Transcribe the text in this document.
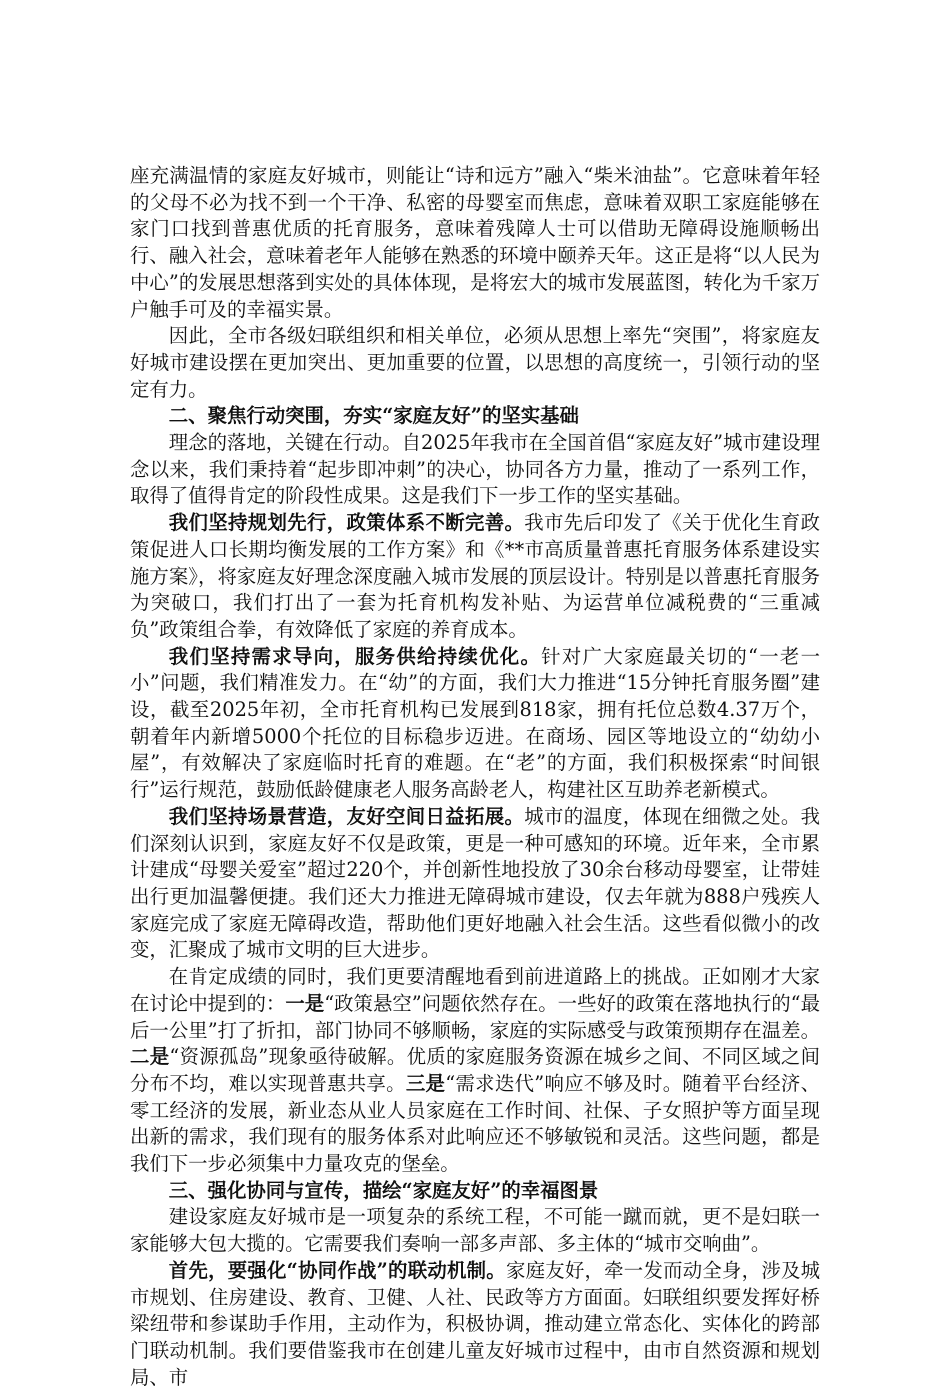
座充满温情的家庭友好城市，则能让“诗和远方”融入“柴米油盐”。它意味着年轻的父母不必为找不到一个干净、私密的母婴室而焦虑，意味着双职工家庭能够在家门口找到普惠优质的托育服务，意味着残障人士可以借助无障碍设施顺畅出行、融入社会，意味着老年人能够在熟悉的环境中颐养天年。这正是将“以人民为中心”的发展思想落到实处的具体体现，是将宏大的城市发展蓝图，转化为千家万户触手可及的幸福实景。

因此，全市各级妇联组织和相关单位，必须从思想上率先“突围”，将家庭友好城市建设摆在更加突出、更加重要的位置，以思想的高度统一，引领行动的坚定有力。

二、聚焦行动突围，夯实“家庭友好”的坚实基础

理念的落地，关键在行动。自2025年我市在全国首倡“家庭友好”城市建设理念以来，我们秉持着“起步即冲刺”的决心，协同各方力量，推动了一系列工作，取得了值得肯定的阶段性成果。这是我们下一步工作的坚实基础。

我们坚持规划先行，政策体系不断完善。我市先后印发了《关于优化生育政策促进人口长期均衡发展的工作方案》和《**市高质量普惠托育服务体系建设实施方案》，将家庭友好理念深度融入城市发展的顶层设计。特别是以普惠托育服务为突破口，我们打出了一套为托育机构发补贴、为运营单位减税费的“三重减负”政策组合拳，有效降低了家庭的养育成本。

我们坚持需求导向，服务供给持续优化。针对广大家庭最关切的“一老一小”问题，我们精准发力。在“幼”的方面，我们大力推进“15分钟托育服务圈”建设，截至2025年初，全市托育机构已发展到818家，拥有托位总数4.37万个，朝着年内新增5000个托位的目标稳步迈进。在商场、园区等地设立的“幼幼小屋”，有效解决了家庭临时托育的难题。在“老”的方面，我们积极探索“时间银行”运行规范，鼓励低龄健康老人服务高龄老人，构建社区互助养老新模式。

我们坚持场景营造，友好空间日益拓展。城市的温度，体现在细微之处。我们深刻认识到，家庭友好不仅是政策，更是一种可感知的环境。近年来，全市累计建成“母婴关爱室”超过220个，并创新性地投放了30余台移动母婴室，让带娃出行更加温馨便捷。我们还大力推进无障碍城市建设，仅去年就为888户残疾人家庭完成了家庭无障碍改造，帮助他们更好地融入社会生活。这些看似微小的改变，汇聚成了城市文明的巨大进步。

在肯定成绩的同时，我们更要清醒地看到前进道路上的挑战。正如刚才大家在讨论中提到的：一是“政策悬空”问题依然存在。一些好的政策在落地执行的“最后一公里”打了折扣，部门协同不够顺畅，家庭的实际感受与政策预期存在温差。二是“资源孤岛”现象亟待破解。优质的家庭服务资源在城乡之间、不同区域之间分布不均，难以实现普惠共享。三是“需求迭代”响应不够及时。随着平台经济、零工经济的发展，新业态从业人员家庭在工作时间、社保、子女照护等方面呈现出新的需求，我们现有的服务体系对此响应还不够敏锐和灵活。这些问题，都是我们下一步必须集中力量攻克的堡垒。

三、强化协同与宣传，描绘“家庭友好”的幸福图景

建设家庭友好城市是一项复杂的系统工程，不可能一蹴而就，更不是妇联一家能够大包大揽的。它需要我们奏响一部多声部、多主体的“城市交响曲”。

首先，要强化“协同作战”的联动机制。家庭友好，牵一发而动全身，涉及城市规划、住房建设、教育、卫健、人社、民政等方方面面。妇联组织要发挥好桥梁纽带和参谋助手作用，主动作为，积极协调，推动建立常态化、实体化的跨部门联动机制。我们要借鉴我市在创建儿童友好城市过程中，由市自然资源和规划局、市
